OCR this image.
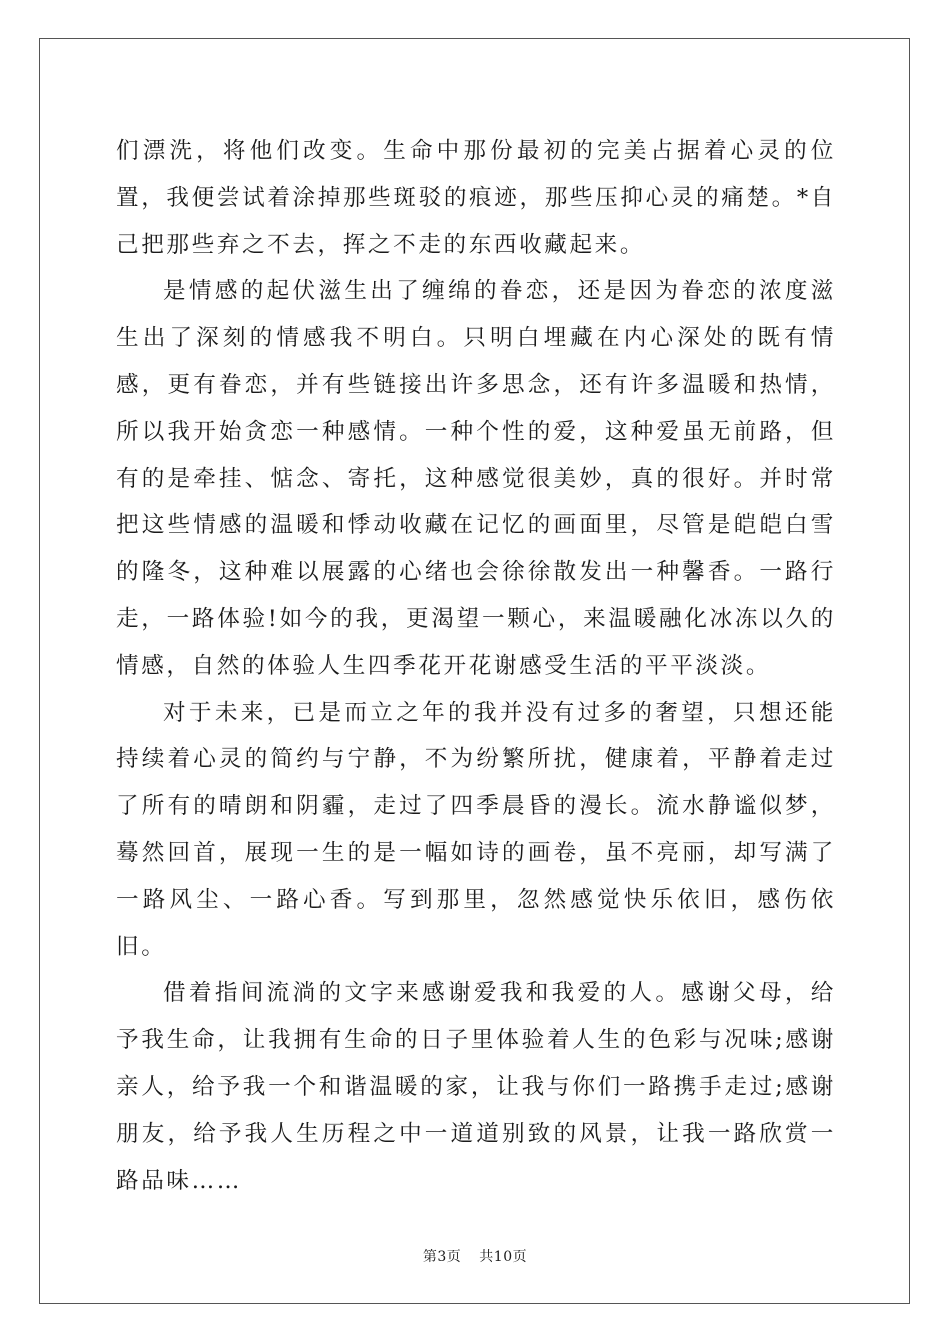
们漂洗，将他们改变。生命中那份最初的完美占据着心灵的位置，我便尝试着涂掉那些斑驳的痕迹，那些压抑心灵的痛楚。*自己把那些弃之不去，挥之不走的东西收藏起来。

是情感的起伏滋生出了缠绵的眷恋，还是因为眷恋的浓度滋生出了深刻的情感我不明白。只明白埋藏在内心深处的既有情感，更有眷恋，并有些链接出许多思念，还有许多温暖和热情，所以我开始贪恋一种感情。一种个性的爱，这种爱虽无前路，但有的是牵挂、惦念、寄托，这种感觉很美妙，真的很好。并时常把这些情感的温暖和悸动收藏在记忆的画面里，尽管是皑皑白雪的隆冬，这种难以展露的心绪也会徐徐散发出一种馨香。一路行走，一路体验!如今的我，更渴望一颗心，来温暖融化冰冻以久的情感，自然的体验人生四季花开花谢感受生活的平平淡淡。

对于未来，已是而立之年的我并没有过多的奢望，只想还能持续着心灵的简约与宁静，不为纷繁所扰，健康着，平静着走过了所有的晴朗和阴霾，走过了四季晨昏的漫长。流水静谧似梦，蓦然回首，展现一生的是一幅如诗的画卷，虽不亮丽，却写满了一路风尘、一路心香。写到那里，忽然感觉快乐依旧，感伤依旧。

借着指间流淌的文字来感谢爱我和我爱的人。感谢父母，给予我生命，让我拥有生命的日子里体验着人生的色彩与况味;感谢亲人，给予我一个和谐温暖的家，让我与你们一路携手走过;感谢朋友，给予我人生历程之中一道道别致的风景，让我一路欣赏一路品味……

第3页 共10页
